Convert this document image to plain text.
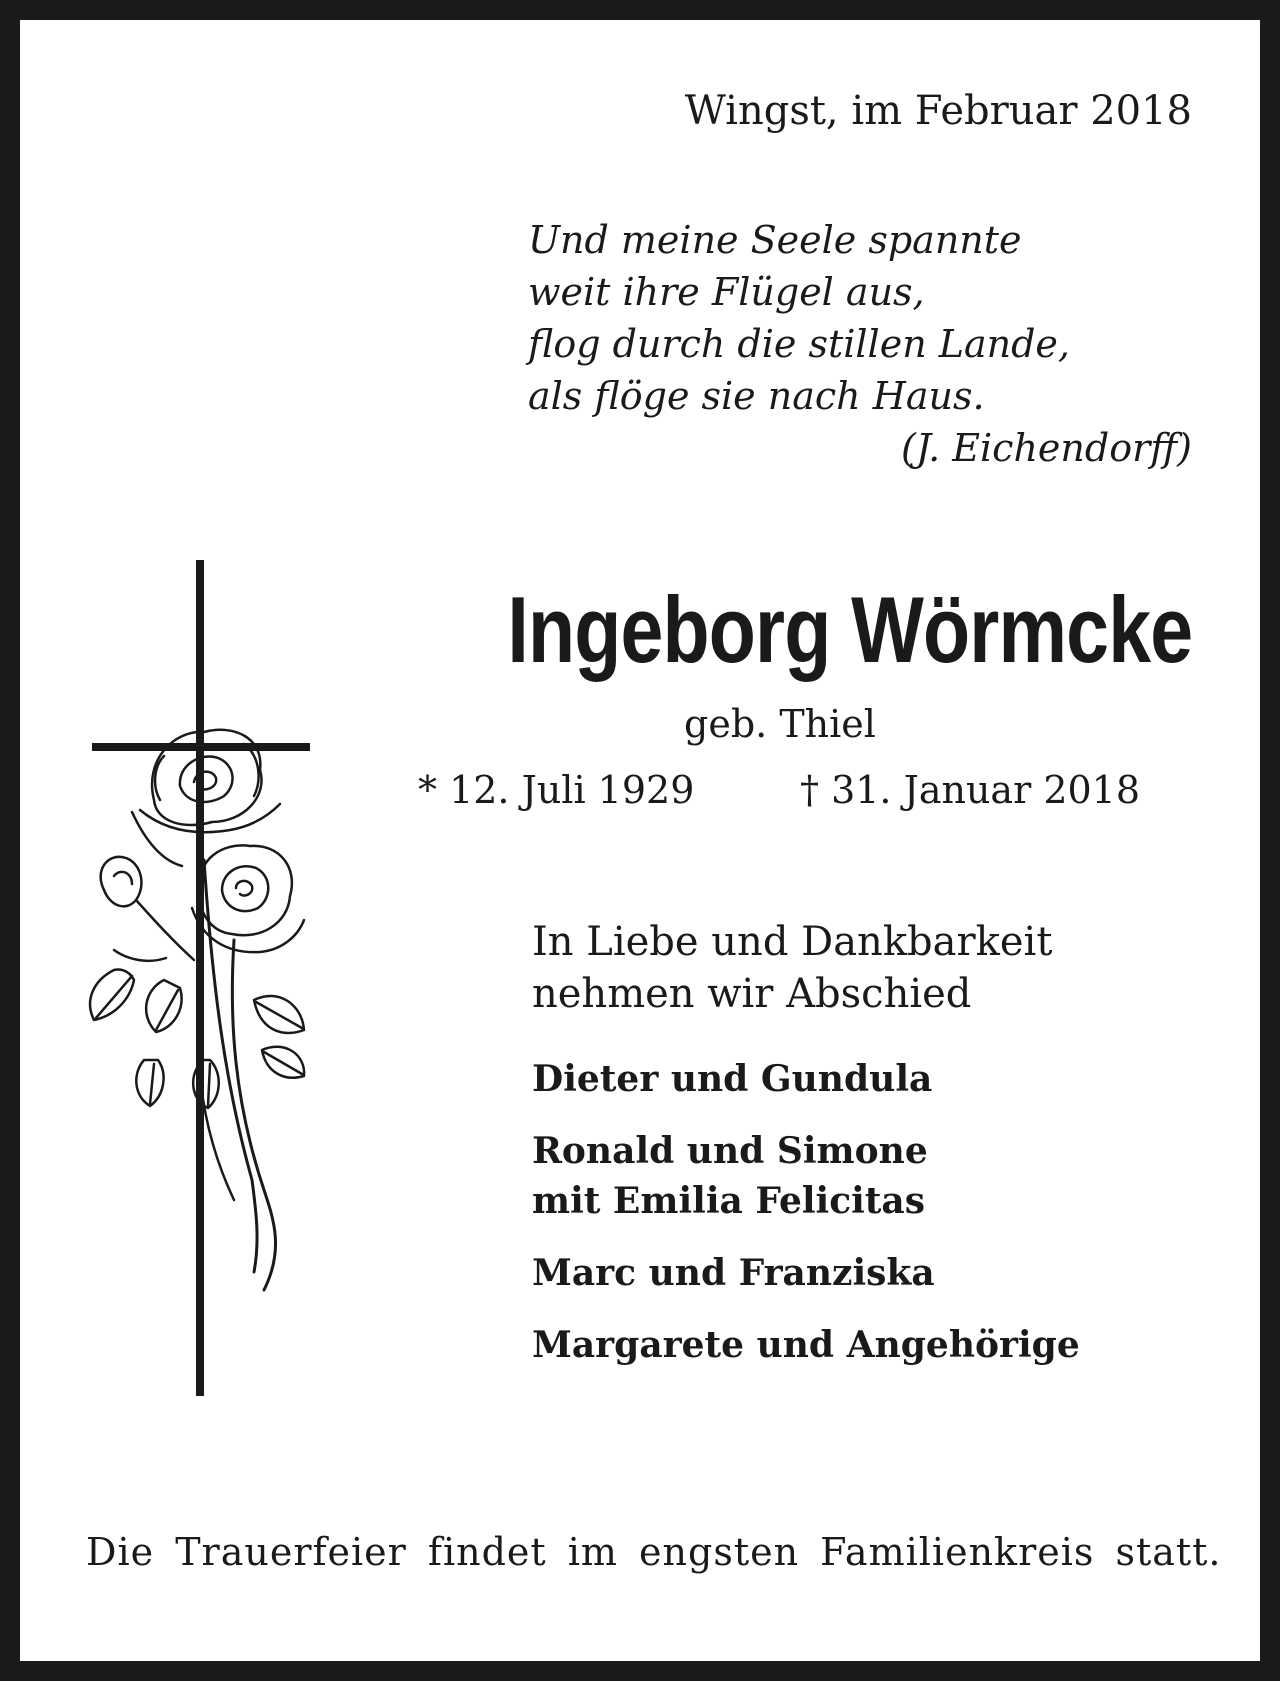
Wingst, im Februar 2018
Und meine Seele spannte
weit ihre Flügel aus,
flog durch die stillen Lande,
als flöge sie nach Haus.
(J. Eichendorff)
Ingeborg Wörmcke
geb. Thiel
* 12. Juli 1929	† 31. Januar 2018
In Liebe und Dankbarkeit
nehmen wir Abschied
Dieter und Gundula
Ronald und Simone
mit Emilia Felicitas
Marc und Franziska
Margarete und Angehörige
Die Trauerfeier findet im engsten Familienkreis statt.
